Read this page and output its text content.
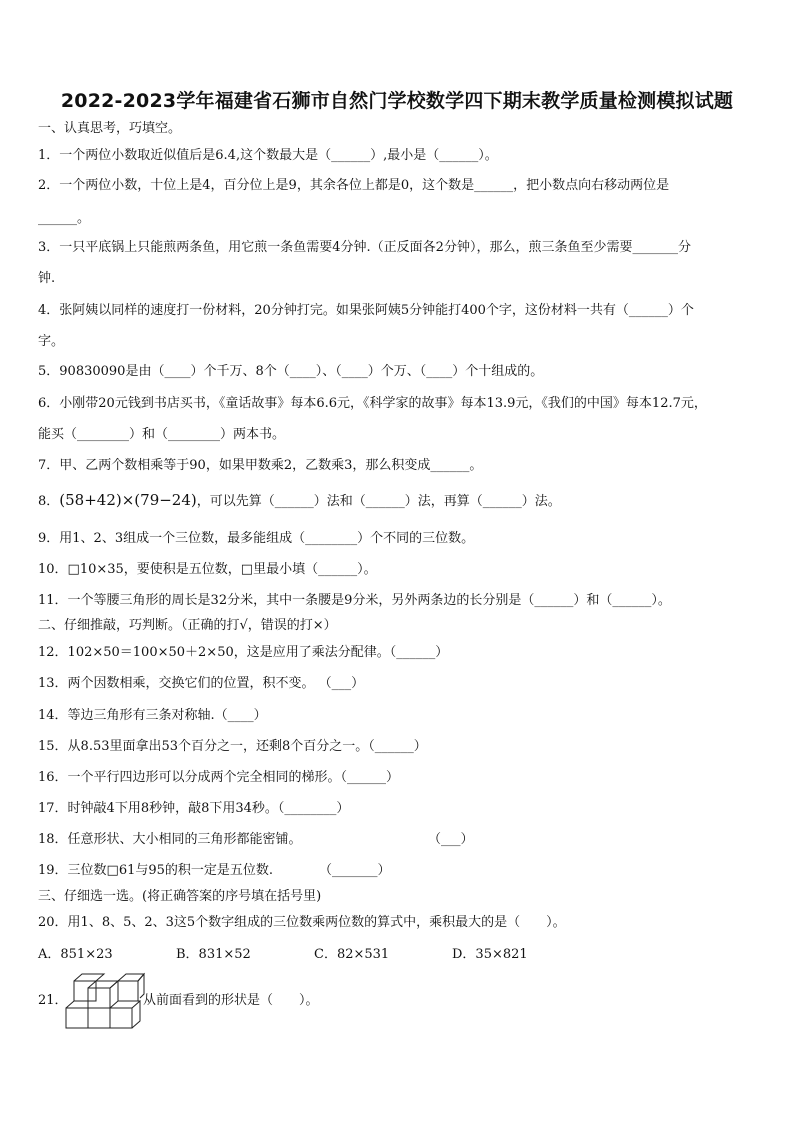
2022-2023学年福建省石狮市自然门学校数学四下期末教学质量检测模拟试题
一、认真思考，巧填空。
1．一个两位小数取近似值后是6.4,这个数最大是（______）,最小是（______）。
2．一个两位小数，十位上是4，百分位上是9，其余各位上都是0，这个数是______，把小数点向右移动两位是
______。
3．一只平底锅上只能煎两条鱼，用它煎一条鱼需要4分钟.（正反面各2分钟），那么，煎三条鱼至少需要_______分
钟.
4．张阿姨以同样的速度打一份材料，20分钟打完。如果张阿姨5分钟能打400个字，这份材料一共有（______）个
字。
5．90830090是由（____）个千万、8个（____）、（____）个万、（____）个十组成的。
6．小刚带20元钱到书店买书，《童话故事》每本6.6元，《科学家的故事》每本13.9元，《我们的中国》每本12.7元，
能买（________）和（________）两本书。
7．甲、乙两个数相乘等于90，如果甲数乘2，乙数乘3，那么积变成______。
8．(58+42)×(79−24)，可以先算（______）法和（______）法，再算（______）法。
9．用1、2、3组成一个三位数，最多能组成（________）个不同的三位数。
10．□10×35，要使积是五位数，□里最小填（______）。
11．一个等腰三角形的周长是32分米，其中一条腰是9分米，另外两条边的长分别是（______）和（______）。
二、仔细推敲，巧判断。（正确的打√，错误的打×）
12．102×50＝100×50＋2×50，这是应用了乘法分配律。（______）
13．两个因数相乘，交换它们的位置，积不变。 （___）
14．等边三角形有三条对称轴.（____）
15．从8.53里面拿出53个百分之一，还剩8个百分之一。（______）
16．一个平行四边形可以分成两个完全相同的梯形。（______）
17．时钟敲4下用8秒钟，敲8下用34秒。（________）
18．任意形状、大小相同的三角形都能密铺。	（___）
19．三位数□61与95的积一定是五位数.	（_______）
三、仔细选一选。(将正确答案的序号填在括号里)
20．用1、8、5、2、3这5个数字组成的三位数乘两位数的算式中，乘积最大的是（　　）。
A．851×23	B．831×52	C．82×531	D．35×821
21．	从前面看到的形状是（　　）。
